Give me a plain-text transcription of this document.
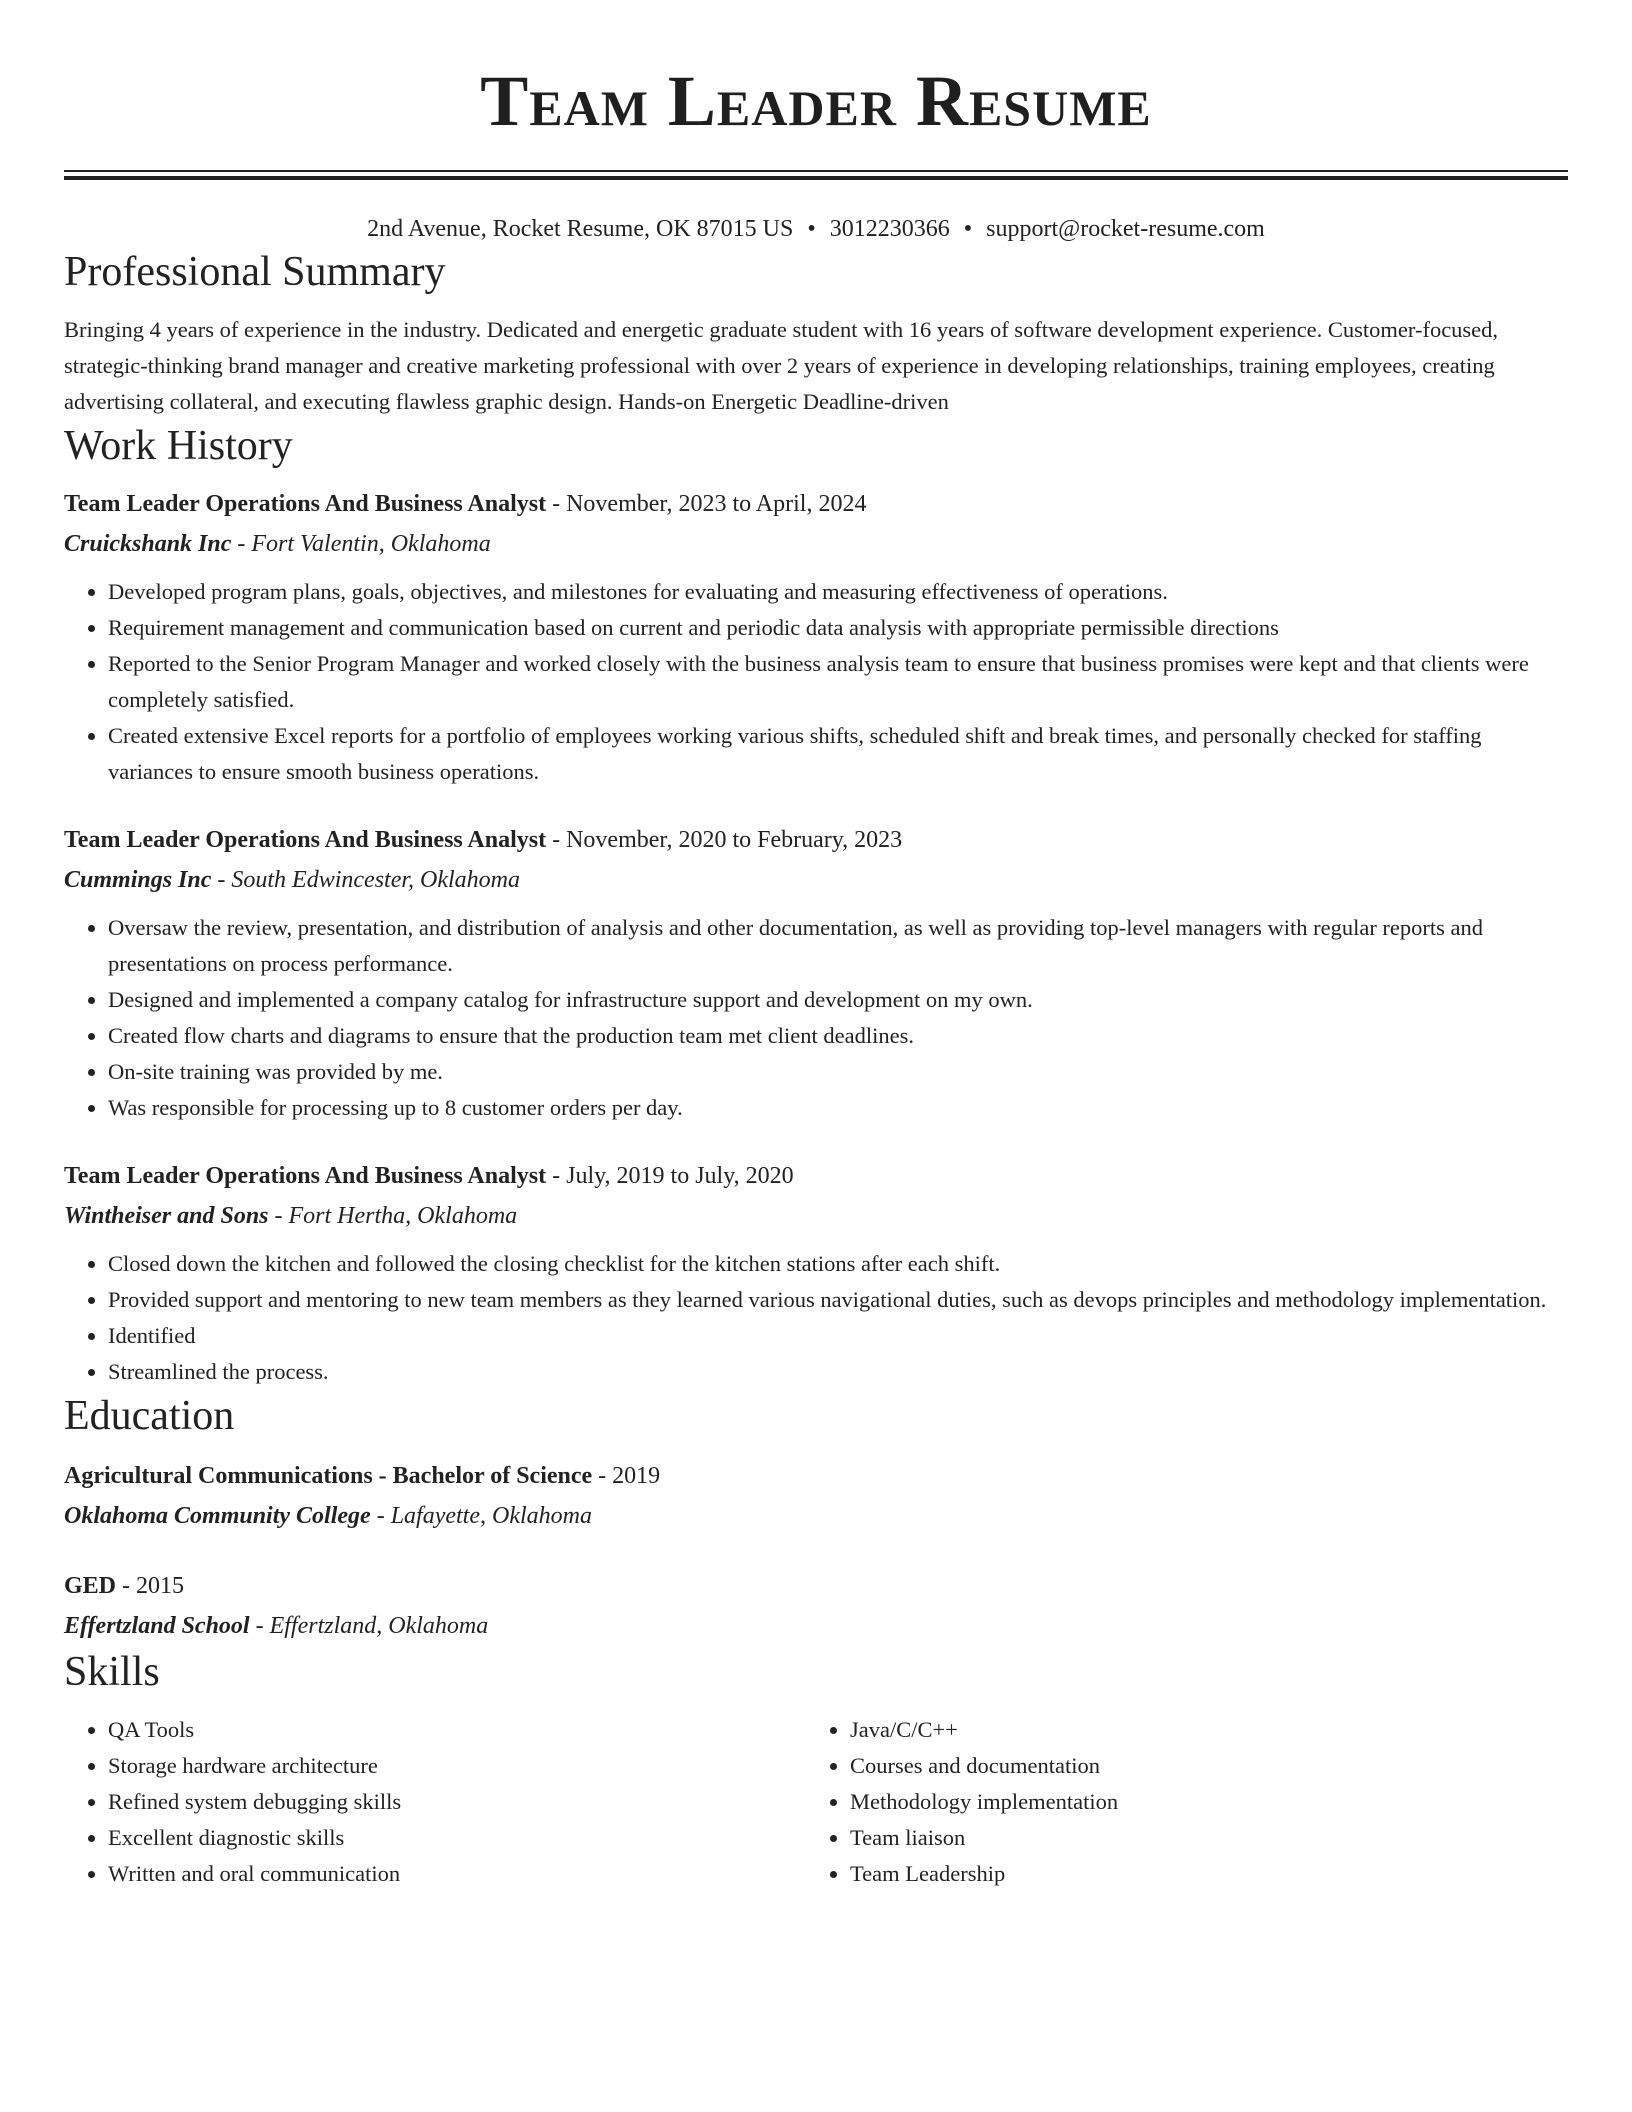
Team Leader Resume
2nd Avenue, Rocket Resume, OK 87015 US • 3012230366 • support@rocket-resume.com
Professional Summary

Bringing 4 years of experience in the industry. Dedicated and energetic graduate student with 16 years of software development experience. Customer-focused, strategic-thinking brand manager and creative marketing professional with over 2 years of experience in developing relationships, training employees, creating advertising collateral, and executing flawless graphic design. Hands-on Energetic Deadline-driven

Work History
Team Leader Operations And Business Analyst - November, 2023 to April, 2024
Cruickshank Inc - Fort Valentin, Oklahoma
• Developed program plans, goals, objectives, and milestones for evaluating and measuring effectiveness of operations.
• Requirement management and communication based on current and periodic data analysis with appropriate permissible directions
• Reported to the Senior Program Manager and worked closely with the business analysis team to ensure that business promises were kept and that clients were completely satisfied.
• Created extensive Excel reports for a portfolio of employees working various shifts, scheduled shift and break times, and personally checked for staffing variances to ensure smooth business operations.
Team Leader Operations And Business Analyst - November, 2020 to February, 2023
Cummings Inc - South Edwincester, Oklahoma
• Oversaw the review, presentation, and distribution of analysis and other documentation, as well as providing top-level managers with regular reports and presentations on process performance.
• Designed and implemented a company catalog for infrastructure support and development on my own.
• Created flow charts and diagrams to ensure that the production team met client deadlines.
• On-site training was provided by me.
• Was responsible for processing up to 8 customer orders per day.
Team Leader Operations And Business Analyst - July, 2019 to July, 2020
Wintheiser and Sons - Fort Hertha, Oklahoma
• Closed down the kitchen and followed the closing checklist for the kitchen stations after each shift.
• Provided support and mentoring to new team members as they learned various navigational duties, such as devops principles and methodology implementation.
• Identified
• Streamlined the process.
Education
Agricultural Communications - Bachelor of Science - 2019
Oklahoma Community College - Lafayette, Oklahoma
GED - 2015
Effertzland School - Effertzland, Oklahoma
Skills
• QA Tools
• Storage hardware architecture
• Refined system debugging skills
• Excellent diagnostic skills
• Written and oral communication
• Java/C/C++
• Courses and documentation
• Methodology implementation
• Team liaison
• Team Leadership
